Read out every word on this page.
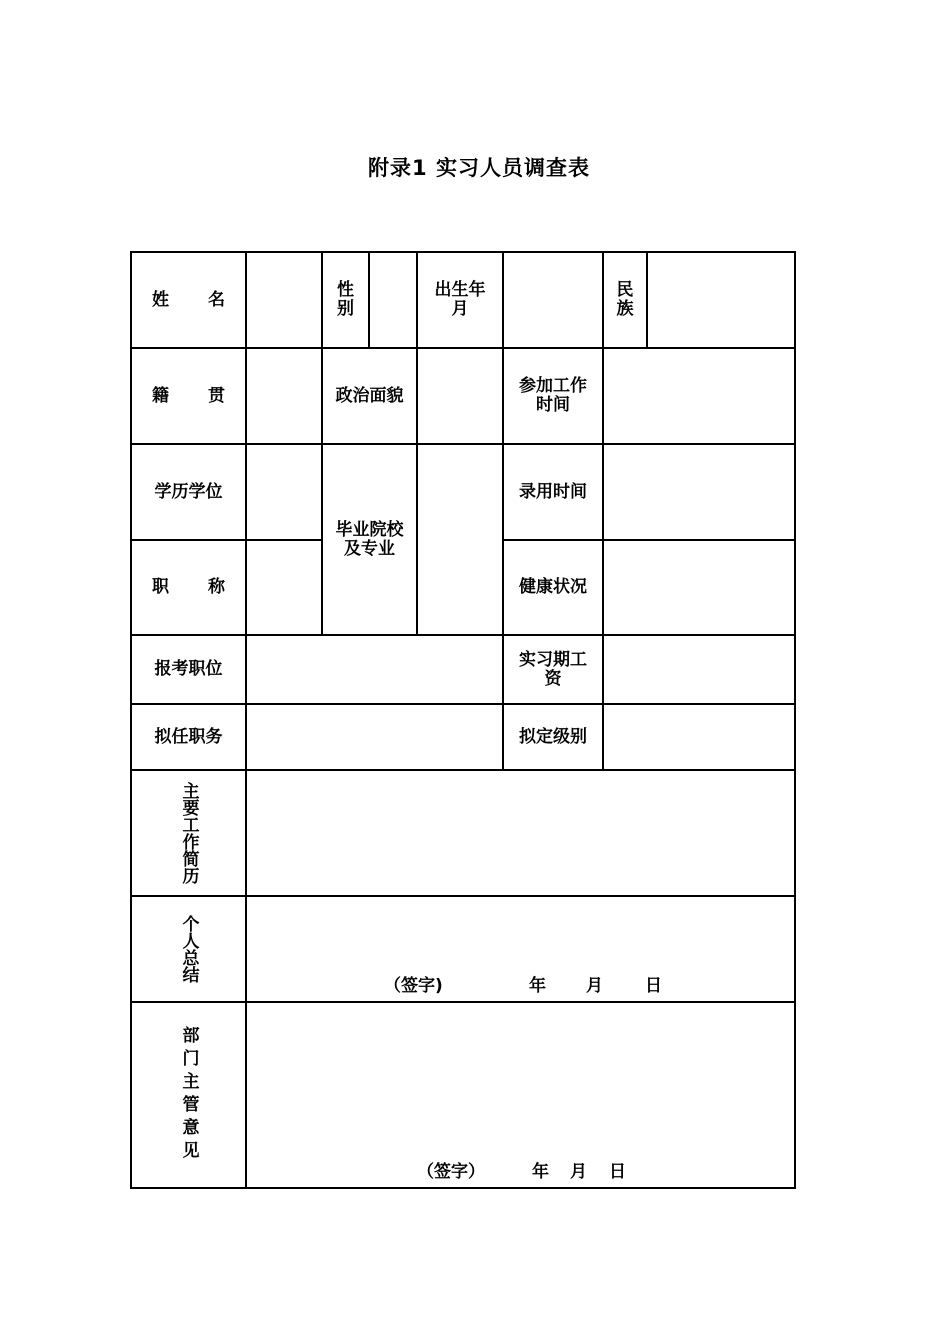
附录1 实习人员调查表
姓 名		性别		出生年月		民族	

籍 贯		政治面貌			参加工作时间		

学历学位		毕业院校及专业			录用时间		

职 称					健康状况		
报考职位					实习期工资		

拟任职务					拟定级别		

主要工作简历							

个人总结	（签字) 年 月 日						

部门主管意见	（签字） 年 月 日						
